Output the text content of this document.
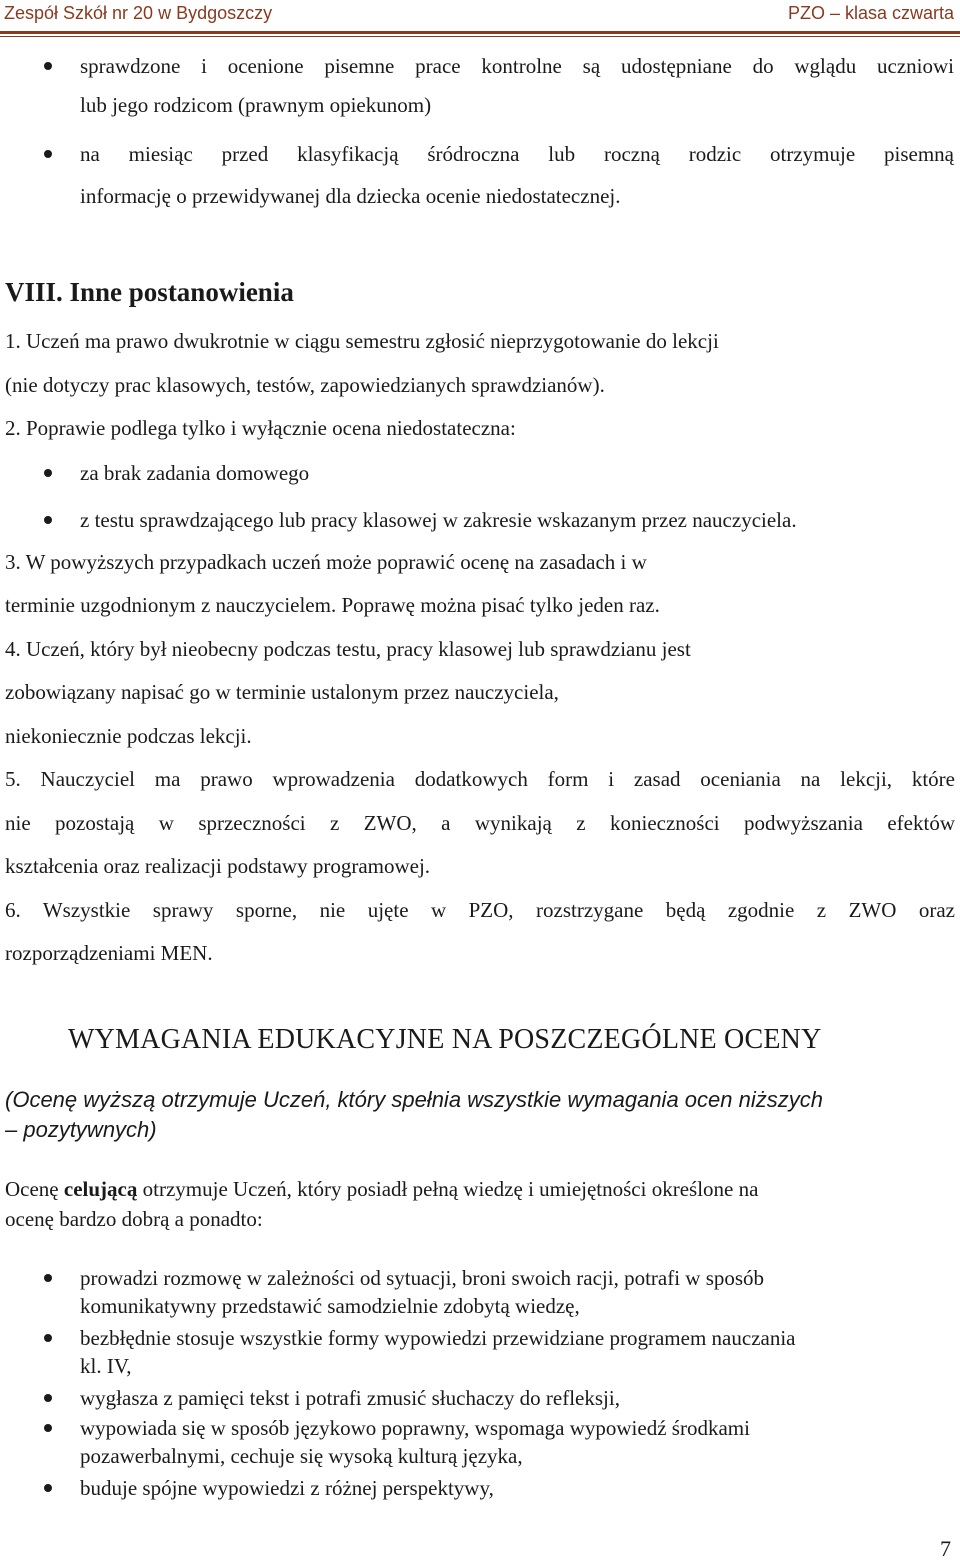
Zespół Szkół nr 20 w Bydgoszczy	PZO – klasa czwarta
sprawdzone i ocenione pisemne prace kontrolne są udostępniane do wglądu uczniowi
lub jego rodzicom (prawnym opiekunom)
na miesiąc przed klasyfikacją śródroczna lub roczną rodzic otrzymuje pisemną
informację o przewidywanej dla dziecka ocenie niedostatecznej.
VIII. Inne postanowienia
1. Uczeń ma prawo dwukrotnie w ciągu semestru zgłosić nieprzygotowanie do lekcji
(nie dotyczy prac klasowych, testów, zapowiedzianych sprawdzianów).
2. Poprawie podlega tylko i wyłącznie ocena niedostateczna:
za brak zadania domowego
z testu sprawdzającego lub pracy klasowej w zakresie wskazanym przez nauczyciela.
3. W powyższych przypadkach uczeń może poprawić ocenę na zasadach i w
terminie uzgodnionym z nauczycielem. Poprawę można pisać tylko jeden raz.
4. Uczeń, który był nieobecny podczas testu, pracy klasowej lub sprawdzianu jest
zobowiązany napisać go w terminie ustalonym przez nauczyciela,
niekoniecznie podczas lekcji.
5. Nauczyciel ma prawo wprowadzenia dodatkowych form i zasad oceniania na lekcji, które
nie pozostają w sprzeczności z ZWO, a wynikają z konieczności podwyższania efektów
kształcenia oraz realizacji podstawy programowej.
6. Wszystkie sprawy sporne, nie ujęte w PZO, rozstrzygane będą zgodnie z ZWO oraz
rozporządzeniami MEN.
WYMAGANIA EDUKACYJNE NA POSZCZEGÓLNE OCENY
(Ocenę wyższą otrzymuje Uczeń, który spełnia wszystkie wymagania ocen niższych
– pozytywnych)
Ocenę celującą otrzymuje Uczeń, który posiadł pełną wiedzę i umiejętności określone na
ocenę bardzo dobrą a ponadto:
prowadzi rozmowę w zależności od sytuacji, broni swoich racji, potrafi w sposób
komunikatywny przedstawić samodzielnie zdobytą wiedzę,
bezbłędnie stosuje wszystkie formy wypowiedzi przewidziane programem nauczania
kl. IV,
wygłasza z pamięci tekst i potrafi zmusić słuchaczy do refleksji,
wypowiada się w sposób językowo poprawny, wspomaga wypowiedź środkami
pozawerbalnymi, cechuje się wysoką kulturą języka,
buduje spójne wypowiedzi z różnej perspektywy,
7
